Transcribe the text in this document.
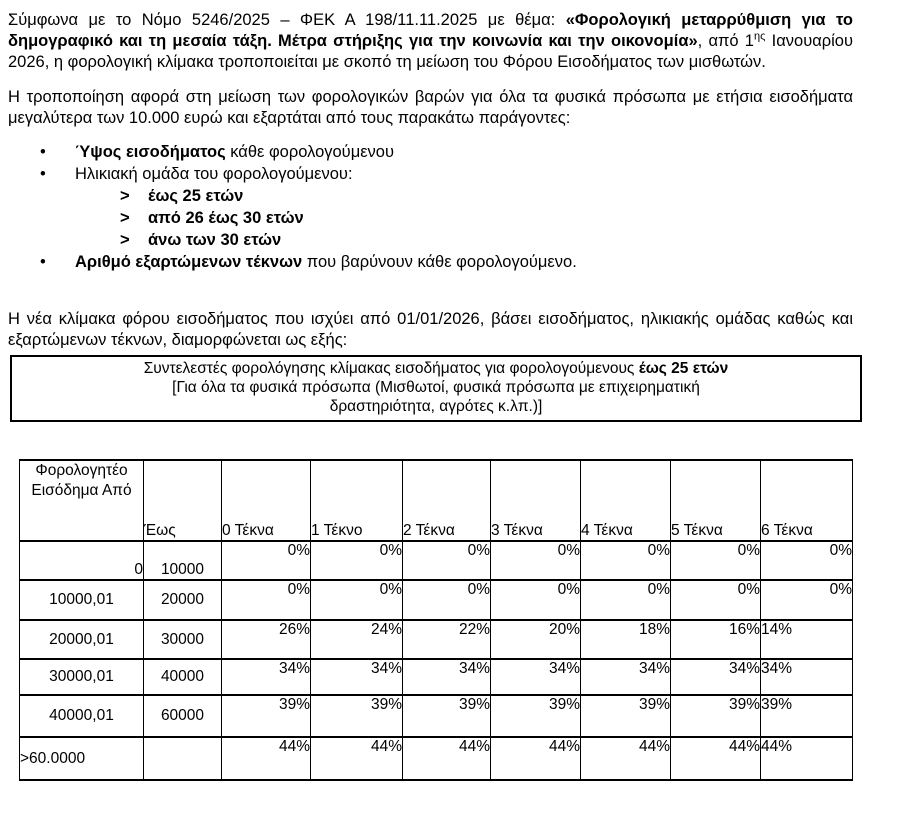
Σύμφωνα με το Νόμο 5246/2025 – ΦΕΚ Α 198/11.11.2025 με θέμα: «Φορολογική μεταρρύθμιση για το δημογραφικό και τη μεσαία τάξη. Μέτρα στήριξης για την κοινωνία και την οικονομία», από $1^{\eta\varsigma}$ Ιανουαρίου 2026, η φορολογική κλίμακα τροποποιείται με σκοπό τη μείωση του Φόρου Εισοδήματος των μισθωτών.

Η τροποποίηση αφορά στη μείωση των φορολογικών βαρών για όλα τα φυσικά πρόσωπα με ετήσια εισοδήματα μεγαλύτερα των 10.000 ευρώ και εξαρτάται από τους παρακάτω παράγοντες:

•	Ύψος εισοδήματος κάθε φορολογούμενου
•	Ηλικιακή ομάδα του φορολογούμενου:
>	έως 25 ετών
>	από 26 έως 30 ετών
>	άνω των 30 ετών
•	Αριθμό εξαρτώμενων τέκνων που βαρύνουν κάθε φορολογούμενο.

Η νέα κλίμακα φόρου εισοδήματος που ισχύει από 01/01/2026, βάσει εισοδήματος, ηλικιακής ομάδας καθώς και εξαρτώμενων τέκνων, διαμορφώνεται ως εξής:

Συντελεστές φορολόγησης κλίμακας εισοδήματος για φορολογούμενους έως 25 ετών
[Για όλα τα φυσικά πρόσωπα (Μισθωτοί, φυσικά πρόσωπα με επιχειρηματική
δραστηριότητα, αγρότες κ.λπ.)]
Φορολογητέο
Εισόδημα Από	Έως	0 Τέκνα	1 Τέκνο	2 Τέκνα	3 Τέκνα	4 Τέκνα	5 Τέκνα	6 Τέκνα
0	10000	0%	0%	0%	0%	0%	0%	0%
10000,01	20000	0%	0%	0%	0%	0%	0%	0%
20000,01	30000	26%	24%	22%	20%	18%	16%	14%
30000,01	40000	34%	34%	34%	34%	34%	34%	34%
40000,01	60000	39%	39%	39%	39%	39%	39%	39%
>60.0000		44%	44%	44%	44%	44%	44%	44%
